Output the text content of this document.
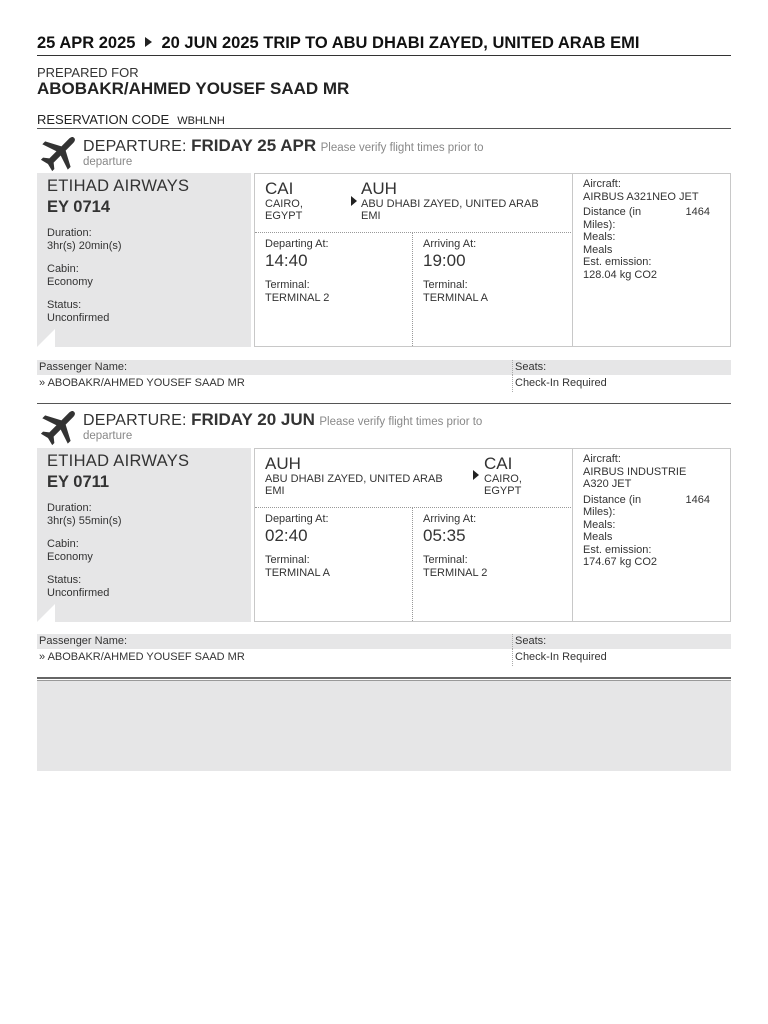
25 APR 2025 20 JUN 2025 TRIP TO ABU DHABI ZAYED, UNITED ARAB EMI
PREPARED FOR
ABOBAKR/AHMED YOUSEF SAAD MR
RESERVATION CODE WBHLNH
DEPARTURE: FRIDAY 25 APR Please verify flight times prior to
departure
ETIHAD AIRWAYS
EY 0714
Duration:
3hr(s) 20min(s)
Cabin:
Economy
Status:
Unconfirmed
CAI
CAIRO,
EGYPT
AUH
ABU DHABI ZAYED, UNITED ARAB
EMI
Departing At:
14:40
Terminal:
TERMINAL 2
Arriving At:
19:00
Terminal:
TERMINAL A
Aircraft:
AIRBUS A321NEO JET
Distance (in	1464
Miles):
Meals:
Meals
Est. emission:
128.04 kg CO2
Passenger Name:	Seats:
» ABOBAKR/AHMED YOUSEF SAAD MR	Check-In Required
DEPARTURE: FRIDAY 20 JUN Please verify flight times prior to
departure
ETIHAD AIRWAYS
EY 0711
Duration:
3hr(s) 55min(s)
Cabin:
Economy
Status:
Unconfirmed
AUH
ABU DHABI ZAYED, UNITED ARAB
EMI
CAI
CAIRO,
EGYPT
Departing At:
02:40
Terminal:
TERMINAL A
Arriving At:
05:35
Terminal:
TERMINAL 2
Aircraft:
AIRBUS INDUSTRIE
A320 JET
Distance (in	1464
Miles):
Meals:
Meals
Est. emission:
174.67 kg CO2
Passenger Name:	Seats:
» ABOBAKR/AHMED YOUSEF SAAD MR	Check-In Required
